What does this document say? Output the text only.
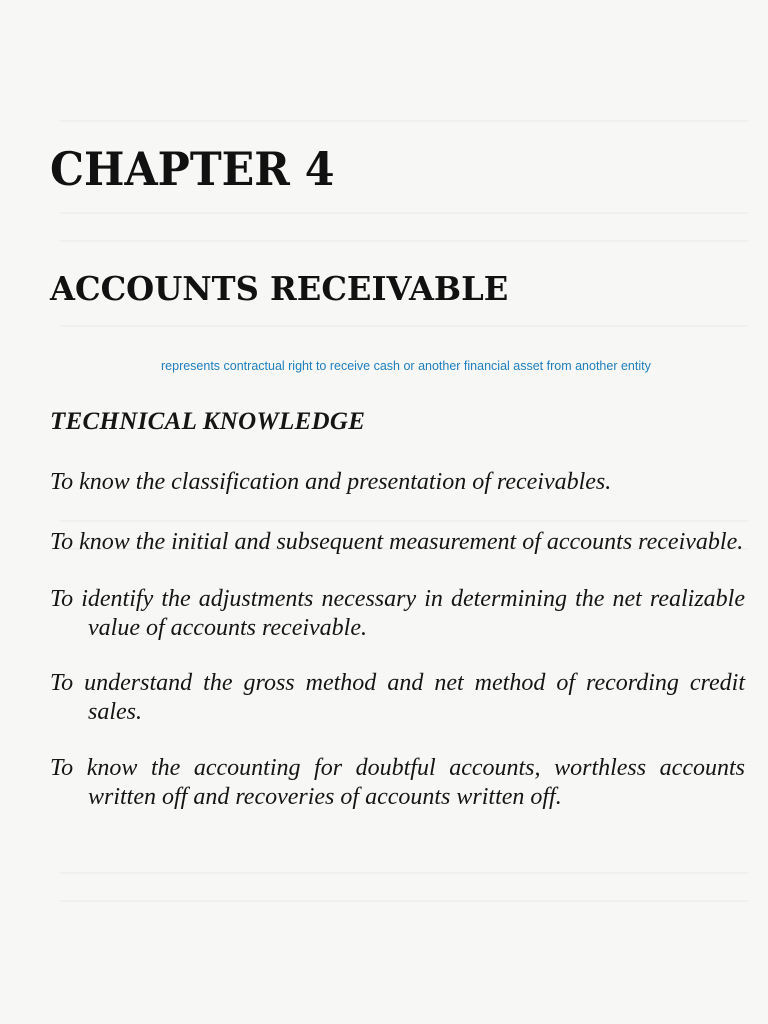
CHAPTER 4
ACCOUNTS RECEIVABLE

represents contractual right to receive cash or another financial asset from another entity

TECHNICAL KNOWLEDGE
To know the classification and presentation of receivables.
To know the initial and subsequent measurement of accounts receivable.
To identify the adjustments necessary in determining the net realizable value of accounts receivable.
To understand the gross method and net method of recording credit sales.
To know the accounting for doubtful accounts, worthless accounts written off and recoveries of accounts written off.
